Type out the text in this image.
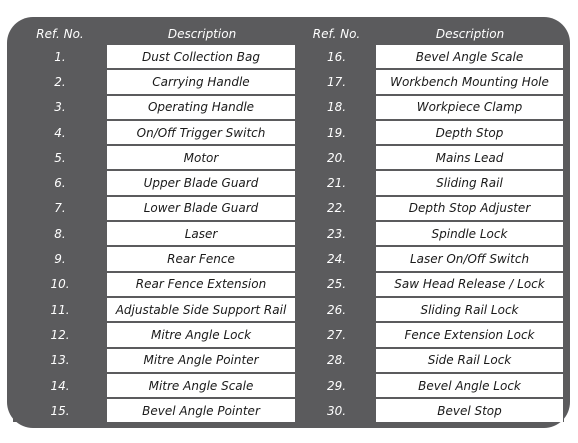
Ref. No.	Description	Ref. No.	Description
1.	Dust Collection Bag	16.	Bevel Angle Scale
2.	Carrying Handle	17.	Workbench Mounting Hole
3.	Operating Handle	18.	Workpiece Clamp
4.	On/Off Trigger Switch	19.	Depth Stop
5.	Motor	20.	Mains Lead
6.	Upper Blade Guard	21.	Sliding Rail
7.	Lower Blade Guard	22.	Depth Stop Adjuster
8.	Laser	23.	Spindle Lock
9.	Rear Fence	24.	Laser On/Off Switch
10.	Rear Fence Extension	25.	Saw Head Release / Lock
11.	Adjustable Side Support Rail	26.	Sliding Rail Lock
12.	Mitre Angle Lock	27.	Fence Extension Lock
13.	Mitre Angle Pointer	28.	Side Rail Lock
14.	Mitre Angle Scale	29.	Bevel Angle Lock
15.	Bevel Angle Pointer	30.	Bevel Stop
